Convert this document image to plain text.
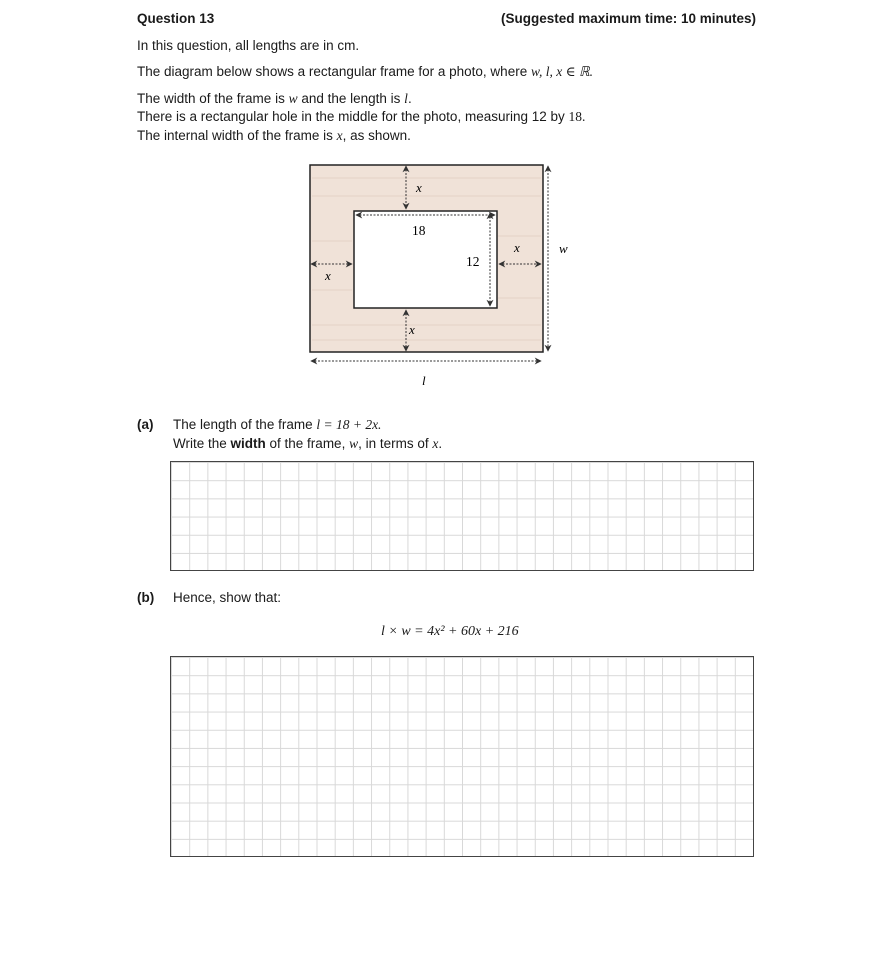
Question 13	(Suggested maximum time: 10 minutes)
In this question, all lengths are in cm.
The diagram below shows a rectangular frame for a photo, where w, l, x ∈ ℝ.
The width of the frame is w and the length is l.
There is a rectangular hole in the middle for the photo, measuring 12 by 18.
The internal width of the frame is x, as shown.
x
x
x
x
18
12
w
l
(a) The length of the frame l = 18 + 2x.
Write the width of the frame, w, in terms of x.
(b) Hence, show that:
l × w = 4x² + 60x + 216
